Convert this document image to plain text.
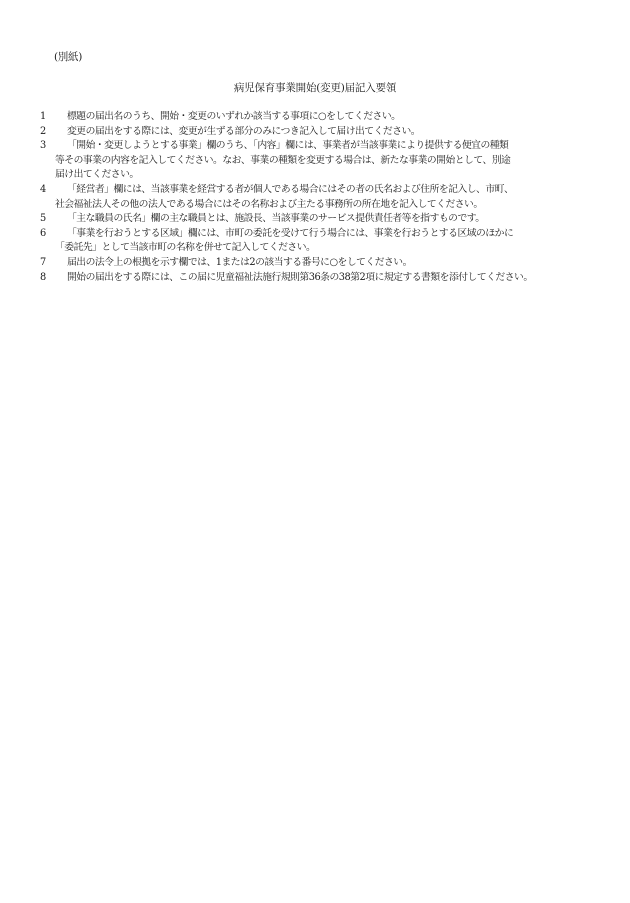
(別紙)
病児保育事業開始(変更)届記入要領
1 標題の届出名のうち、開始・変更のいずれか該当する事項に○をしてください。
2 変更の届出をする際には、変更が生ずる部分のみにつき記入して届け出てください。
3 「開始・変更しようとする事業」欄のうち、「内容」欄には、事業者が当該事業により提供する便宜の種類
等その事業の内容を記入してください。なお、事業の種類を変更する場合は、新たな事業の開始として、別途
届け出てください。
4 「経営者」欄には、当該事業を経営する者が個人である場合にはその者の氏名および住所を記入し、市町、
社会福祉法人その他の法人である場合にはその名称および主たる事務所の所在地を記入してください。
5 「主な職員の氏名」欄の主な職員とは、施設長、当該事業のサービス提供責任者等を指すものです。
6 「事業を行おうとする区域」欄には、市町の委託を受けて行う場合には、事業を行おうとする区域のほかに
「委託先」として当該市町の名称を併せて記入してください。
7 届出の法令上の根拠を示す欄では、1または2の該当する番号に○をしてください。
8 開始の届出をする際には、この届に児童福祉法施行規則第36条の38第2項に規定する書類を添付してください。
